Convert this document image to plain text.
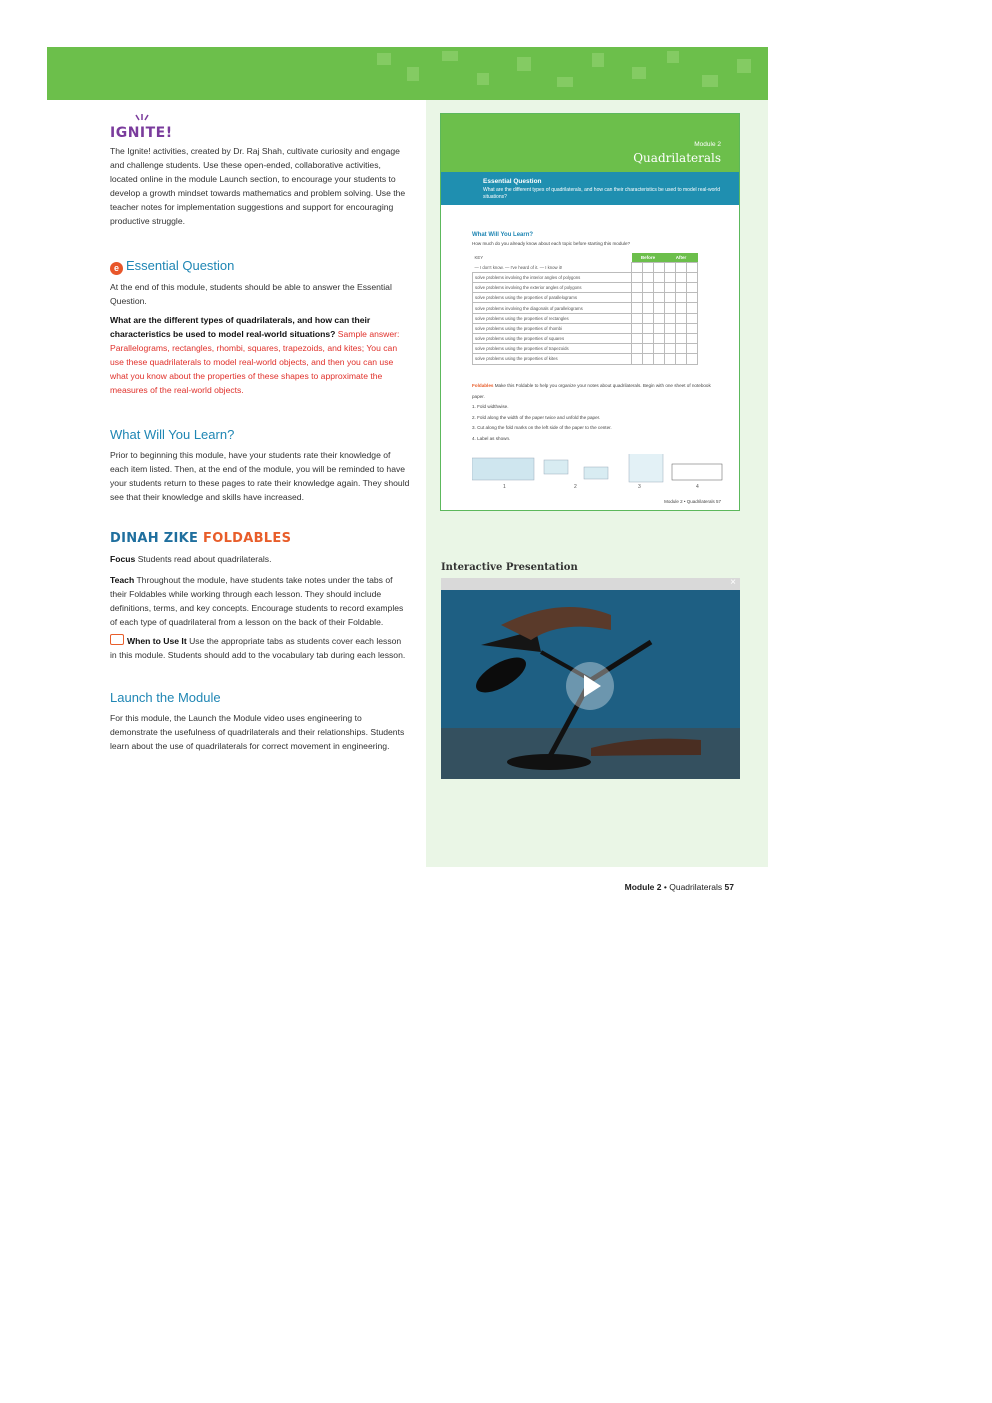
IGNITE!

The Ignite! activities, created by Dr. Raj Shah, cultivate curiosity and engage and challenge students. Use these open-ended, collaborative activities, located online in the module Launch section, to encourage your students to develop a growth mindset towards mathematics and problem solving. Use the teacher notes for implementation suggestions and support for encouraging productive struggle.

e Essential Question

At the end of this module, students should be able to answer the Essential Question.

What are the different types of quadrilaterals, and how can their characteristics be used to model real-world situations? Sample answer: Parallelograms, rectangles, rhombi, squares, trapezoids, and kites; You can use these quadrilaterals to model real-world objects, and then you can use what you know about the properties of these shapes to approximate the measures of the real-world objects.

What Will You Learn?

Prior to beginning this module, have your students rate their knowledge of each item listed. Then, at the end of the module, you will be reminded to have your students return to these pages to rate their knowledge again. They should see that their knowledge and skills have increased.

DINAH ZIKE FOLDABLES

Focus Students read about quadrilaterals.

Teach Throughout the module, have students take notes under the tabs of their Foldables while working through each lesson. They should include definitions, terms, and key concepts. Encourage students to record examples of each type of quadrilateral from a lesson on the back of their Foldable.

When to Use It Use the appropriate tabs as students cover each lesson in this module. Students should add to the vocabulary tab during each lesson.

Launch the Module

For this module, the Launch the Module video uses engineering to demonstrate the usefulness of quadrilaterals and their relationships. Students learn about the use of quadrilaterals for correct movement in engineering.

Module 2
Quadrilaterals
Essential Question
What are the different types of quadrilaterals, and how can their characteristics be used to model real-world situations?
What Will You Learn?
How much do you already know about each topic before starting this module?
KEY	Before			After		
— I don't know. — I've heard of it. — I know it!						
solve problems involving the interior angles of polygons						
solve problems involving the exterior angles of polygons						
solve problems using the properties of parallelograms						
solve problems involving the diagonals of parallelograms						
solve problems using the properties of rectangles						
solve problems using the properties of rhombi						
solve problems using the properties of squares						
solve problems using the properties of trapezoids						
solve problems using the properties of kites						
Foldables Make this Foldable to help you organize your notes about quadrilaterals. Begin with one sheet of notebook paper.
1. Fold widthwise.
2. Fold along the width of the paper twice and unfold the paper.
3. Cut along the fold marks on the left side of the paper to the center.
4. Label as shown.
1	2	3	4
Module 2 • Quadrilaterals 57
Interactive Presentation
×
Module 2 • Quadrilaterals 57
